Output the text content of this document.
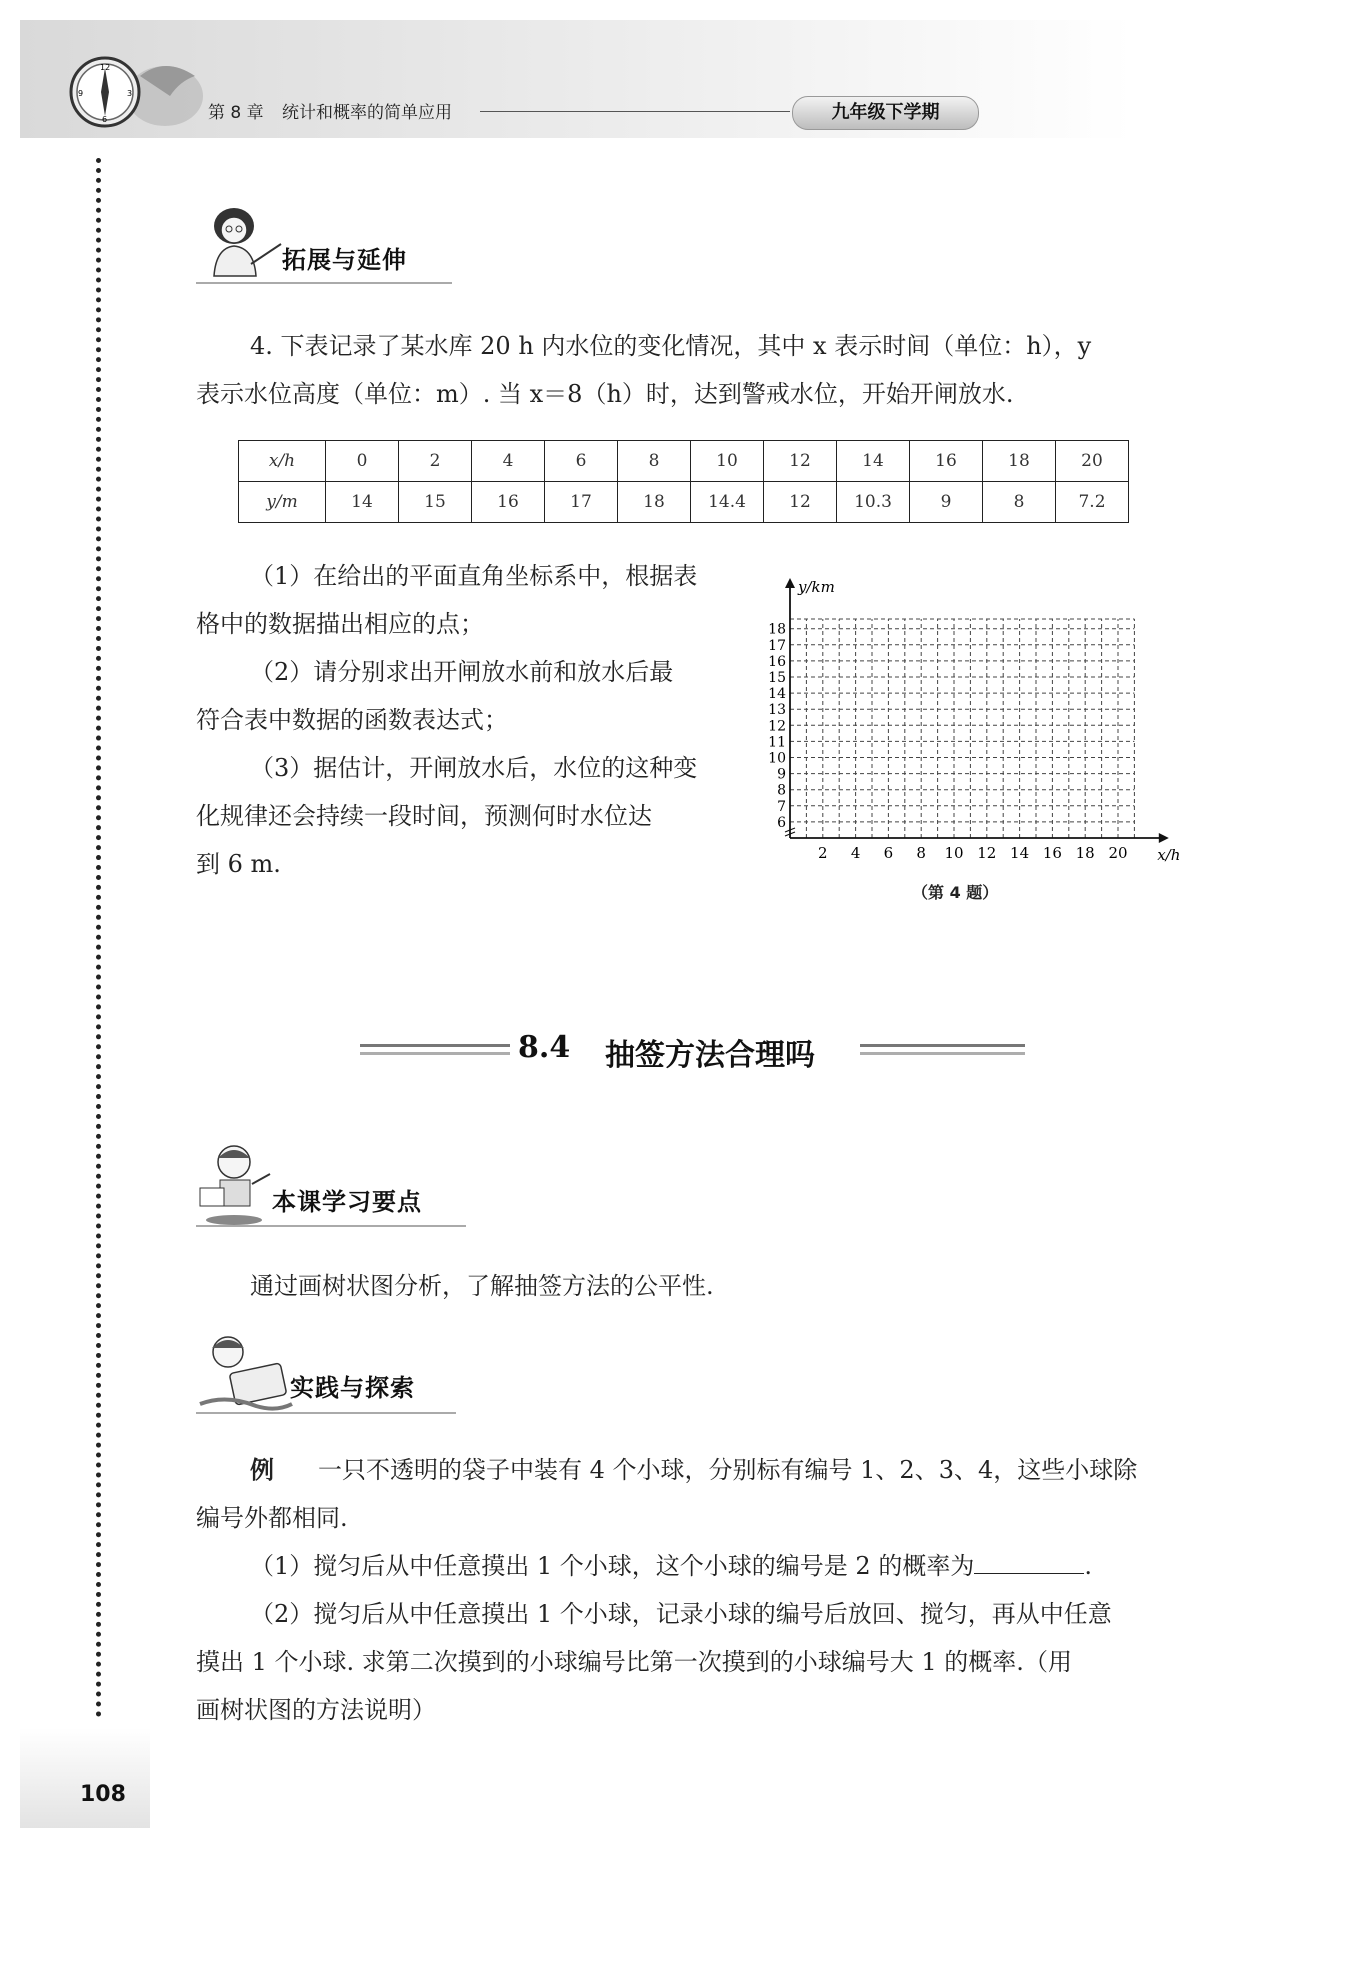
12
3
6
9
第 8 章 统计和概率的简单应用	九年级下学期
拓展与延伸
4. 下表记录了某水库 20 h 内水位的变化情况，其中 x 表示时间（单位：h），y
表示水位高度（单位：m）. 当 x＝8（h）时，达到警戒水位，开始开闸放水.
x/h	0	2	4	6	8	10	12	14	16	18	20
y/m	14	15	16	17	18	14.4	12	10.3	9	8	7.2
（1）在给出的平面直角坐标系中，根据表
格中的数据描出相应的点；
（2）请分别求出开闸放水前和放水后最
符合表中数据的函数表达式；
（3）据估计，开闸放水后，水位的这种变
化规律还会持续一段时间，预测何时水位达
到 6 m.	2 4 6 8 10 12 14 16 18 20
6
7
8
9
10
11
12
13
14
15
16
17
18
x/h
y/km
（第 4 题）
8.4 抽签方法合理吗
本课学习要点
通过画树状图分析，了解抽签方法的公平性.
实践与探索
例 一只不透明的袋子中装有 4 个小球，分别标有编号 1、2、3、4，这些小球除
编号外都相同.
（1）搅匀后从中任意摸出 1 个小球，这个小球的编号是 2 的概率为	.
（2）搅匀后从中任意摸出 1 个小球，记录小球的编号后放回、搅匀，再从中任意
摸出 1 个小球. 求第二次摸到的小球编号比第一次摸到的小球编号大 1 的概率.（用
画树状图的方法说明）
108
